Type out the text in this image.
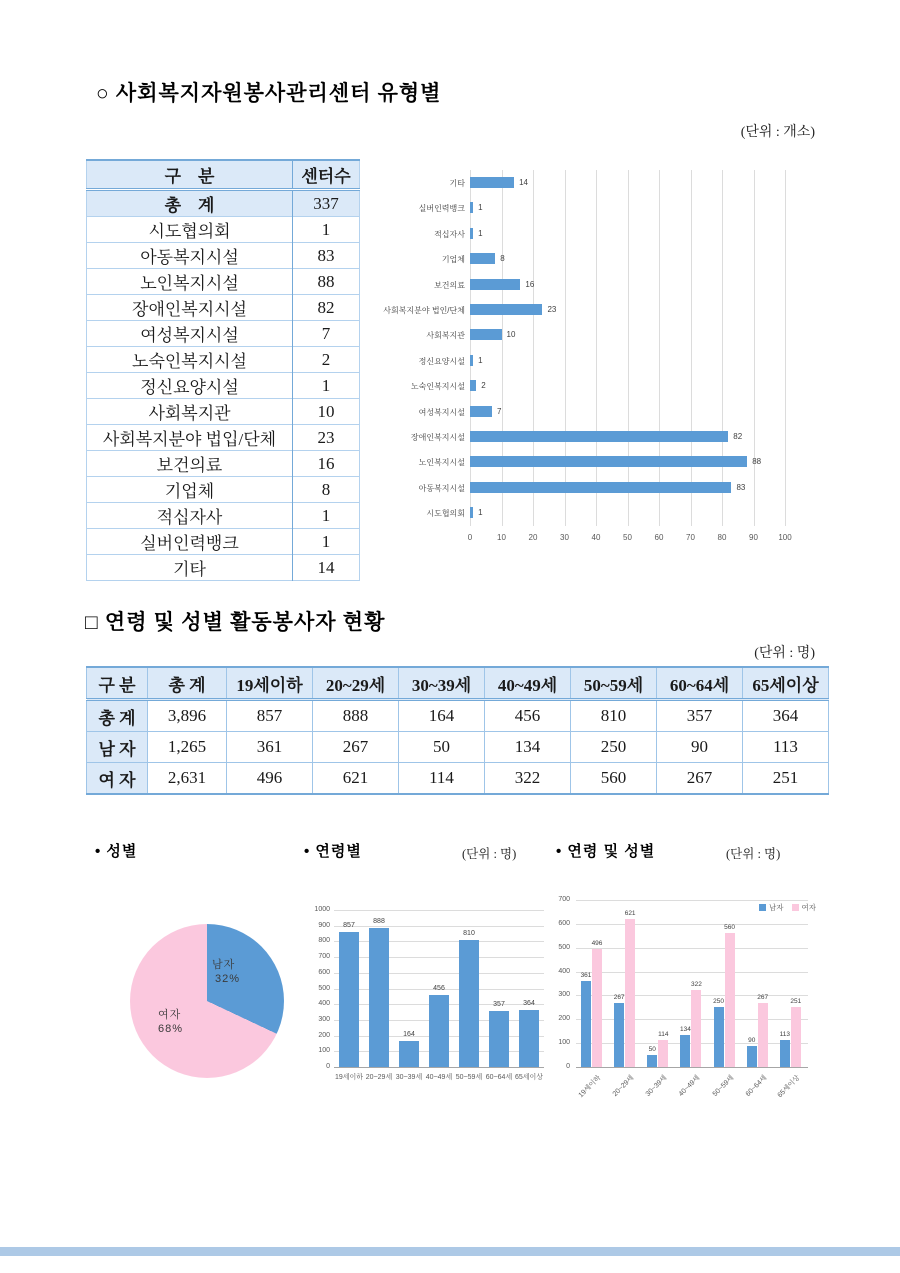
○ 사회복지자원봉사관리센터 유형별
(단위 : 개소)
구　분	센터수
총　계	337
시도협의회	1
아동복지시설	83
노인복지시설	88
장애인복지시설	82
여성복지시설	7
노숙인복지시설	2
정신요양시설	1
사회복지관	10
사회복지분야 법입/단체	23
보건의료	16
기업체	8
적십자사	1
실버인력뱅크	1
기타	14
0	10	20	30	40	50	60	70	80	90	100
기타	14
실버인력뱅크 1
적십자사 1
기업체	8
보건의료	16
사회복지분야 법인/단체	23
사회복지관	10
정신요양시설 1
노숙인복지시설 2
여성복지시설	7
장애인복지시설	82
노인복지시설	88
아동복지시설	83
시도협의회 1
□ 연령 및 성별 활동봉사자 현황
(단위 : 명)
구 분	총 계	19세이하	20~29세	30~39세	40~49세	50~59세	60~64세	65세이상
총 계	3,896	857	888	164	456	810	357	364
남 자	1,265	361	267	50	134	250	90	113
여 자	2,631	496	621	114	322	560	267	251
• 성별	• 연령별	(단위 : 명)	• 연령 및 성별	(단위 : 명)
남자
32%
여자
68%
0
100
200
300
400
500
600
700
800
900
1000
857
19세이하
888
20~29세
164
30~39세
456
40~49세
810
50~59세
357
60~64세
364
65세이상
0
100
200
300
400
500
600
700
남자 여자
361
496
19세이하
267
621
20~29세
50
114
30~39세
134
322
40~49세
250
560
50~59세
90
267
60~64세
113
251
65세이상
